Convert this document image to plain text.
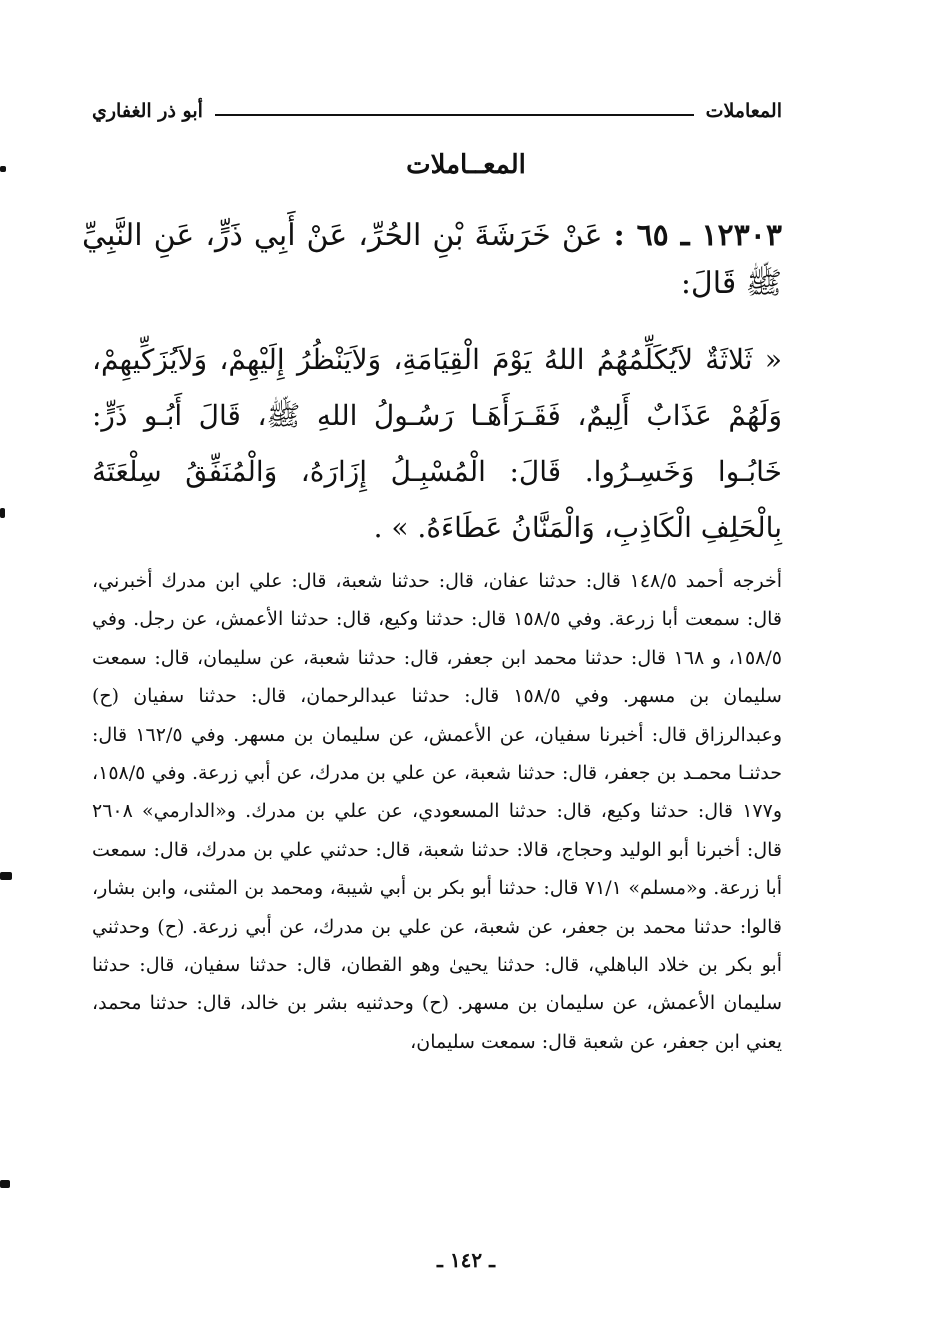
المعاملات
أبو ذر الغفاري
المعــاملات
١٢٣٠٣ ـ ٦٥ : عَنْ خَرَشَةَ بْنِ الحُرِّ، عَنْ أَبِي ذَرٍّ، عَنِ النَّبِيِّ ﷺ قَالَ:
« ثَلاثَةٌ لاَيُكَلِّمُهُمُ اللهُ يَوْمَ الْقِيَامَةِ، وَلاَيَنْظُرُ إِلَيْهِمْ، وَلاَيُزَكِّيهِمْ، وَلَهُمْ عَذَابٌ أَلِيمٌ، فَقَـرَأَهَـا رَسُـولُ اللهِ ﷺ، قَالَ أَبُـو ذَرٍّ: خَابُـوا وَخَسِـرُوا. قَالَ: الْمُسْبِـلُ إِزَارَهُ، وَالْمُنَفِّقُ سِلْعَتَهُ بِالْحَلِفِ الْكَاذِبِ، وَالْمَنَّانُ عَطَاءَهُ. » .
أخرجه أحمد ١٤٨/٥ قال: حدثنا عفان، قال: حدثنا شعبة، قال: علي ابن مدرك أخبرني، قال: سمعت أبا زرعة. وفي ١٥٨/٥ قال: حدثنا وكيع، قال: حدثنا الأعمش، عن رجل. وفي ١٥٨/٥، و ١٦٨ قال: حدثنا محمد ابن جعفر، قال: حدثنا شعبة، عن سليمان، قال: سمعت سليمان بن مسهر. وفي ١٥٨/٥ قال: حدثنا عبدالرحمان، قال: حدثنا سفيان (ح) وعبدالرزاق قال: أخبرنا سفيان، عن الأعمش، عن سليمان بن مسهر. وفي ١٦٢/٥ قال: حدثنـا محمـد بن جعفر، قال: حدثنا شعبة، عن علي بن مدرك، عن أبي زرعة. وفي ١٥٨/٥، و١٧٧ قال: حدثنا وكيع، قال: حدثنا المسعودي، عن علي بن مدرك. و«الدارمي» ٢٦٠٨ قال: أخبرنا أبو الوليد وحجاج، قالا: حدثنا شعبة، قال: حدثني علي بن مدرك، قال: سمعت أبا زرعة. و«مسلم» ٧١/١ قال: حدثنا أبو بكر بن أبي شيبة، ومحمد بن المثنى، وابن بشار، قالوا: حدثنا محمد بن جعفر، عن شعبة، عن علي بن مدرك، عن أبي زرعة. (ح) وحدثني أبو بكر بن خلاد الباهلي، قال: حدثنا يحيىٰ وهو القطان، قال: حدثنا سفيان، قال: حدثنا سليمان الأعمش، عن سليمان بن مسهر. (ح) وحدثنيه بشر بن خالد، قال: حدثنا محمد، يعني ابن جعفر، عن شعبة قال: سمعت سليمان،
ـ ١٤٢ ـ
